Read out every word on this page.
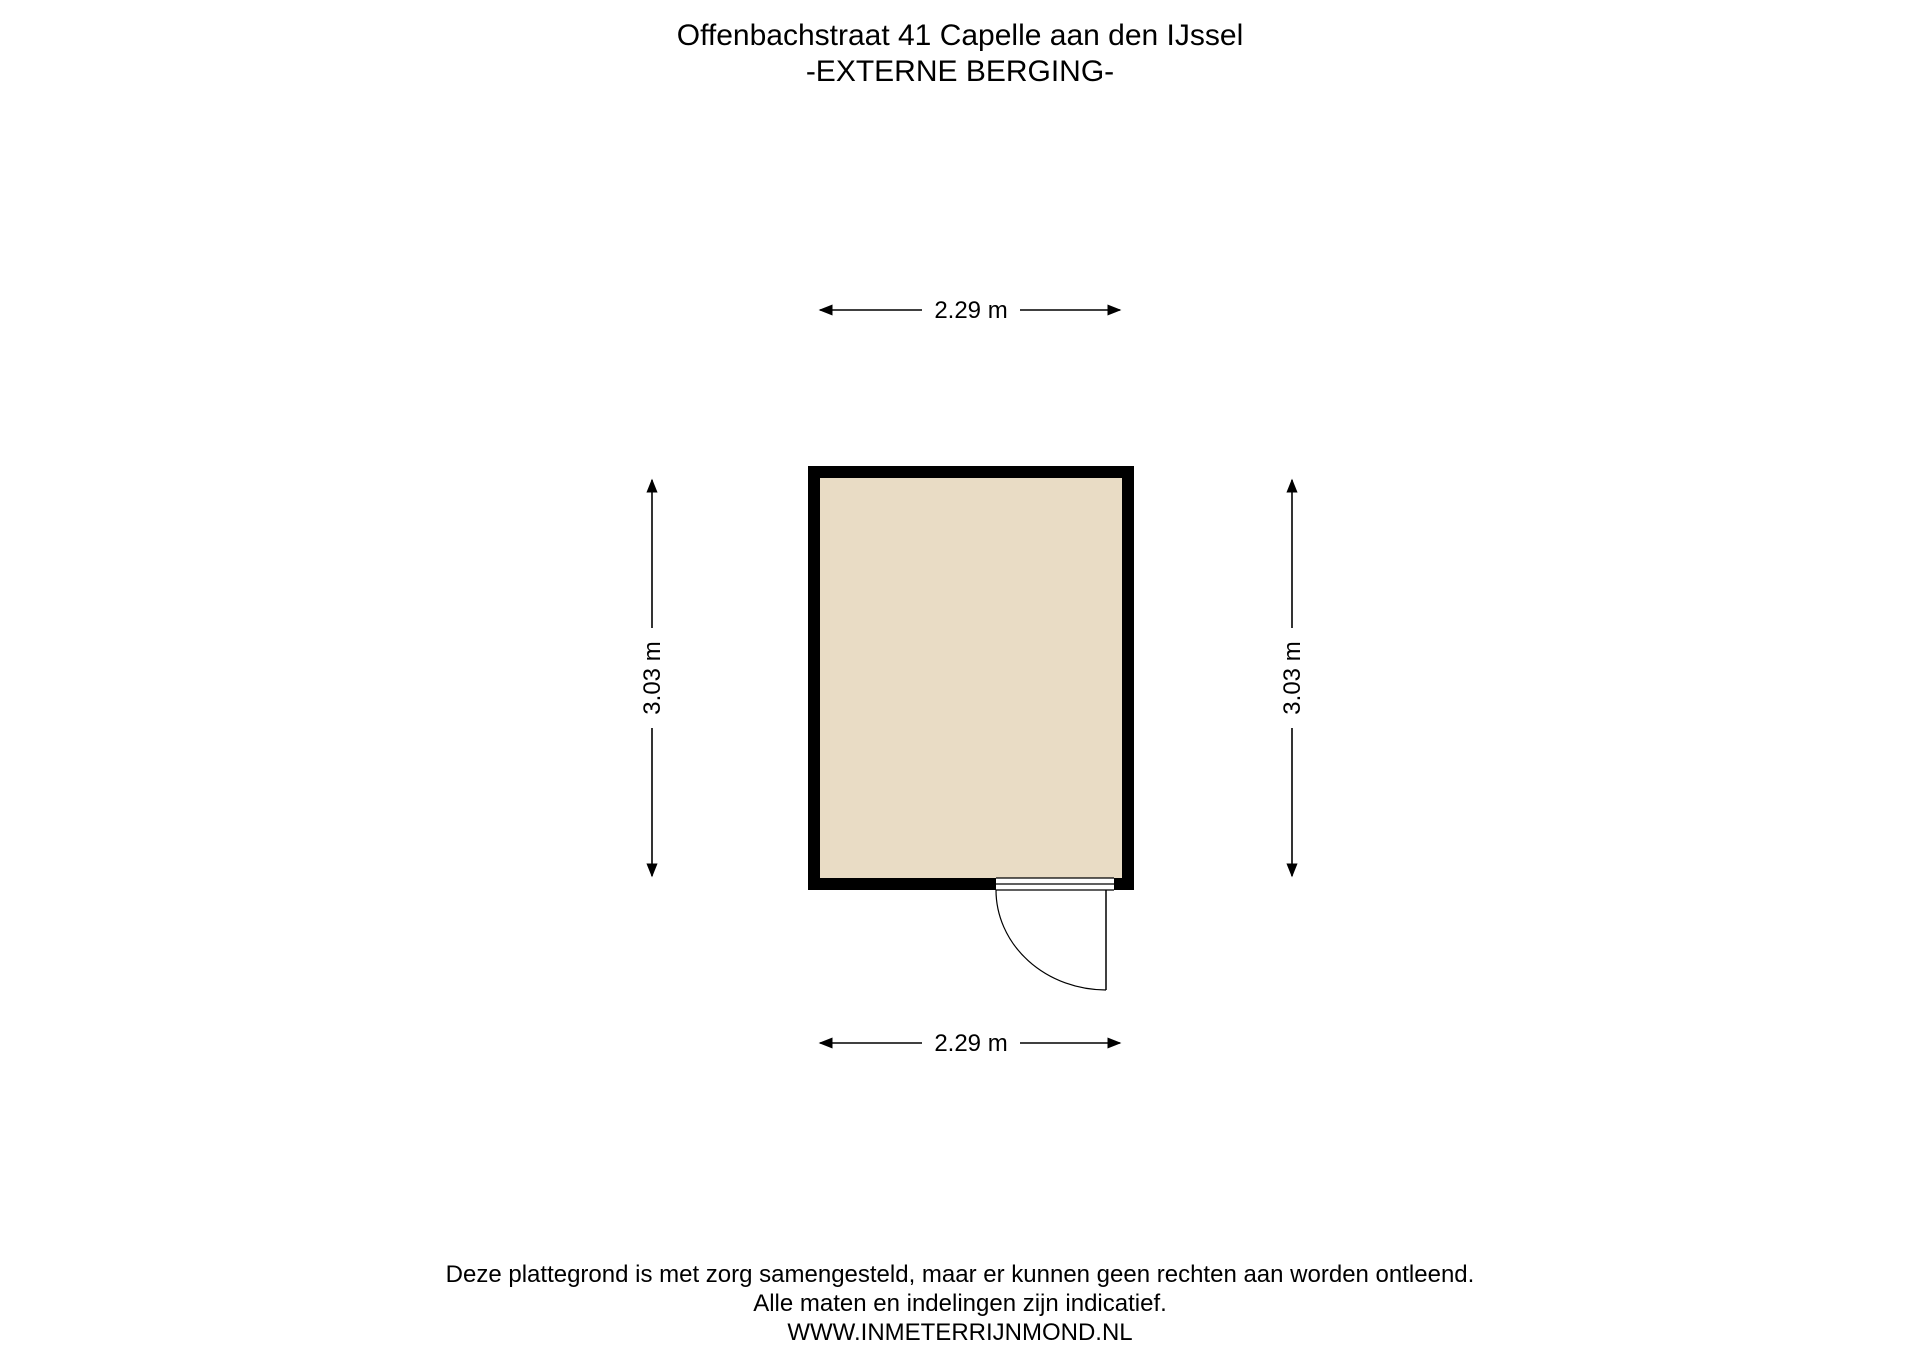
Offenbachstraat 41 Capelle aan den IJssel
-EXTERNE BERGING-
2.29 m
3.03 m	3.03 m
2.29 m
Deze plattegrond is met zorg samengesteld, maar er kunnen geen rechten aan worden ontleend.
Alle maten en indelingen zijn indicatief.
WWW.INMETERRIJNMOND.NL
